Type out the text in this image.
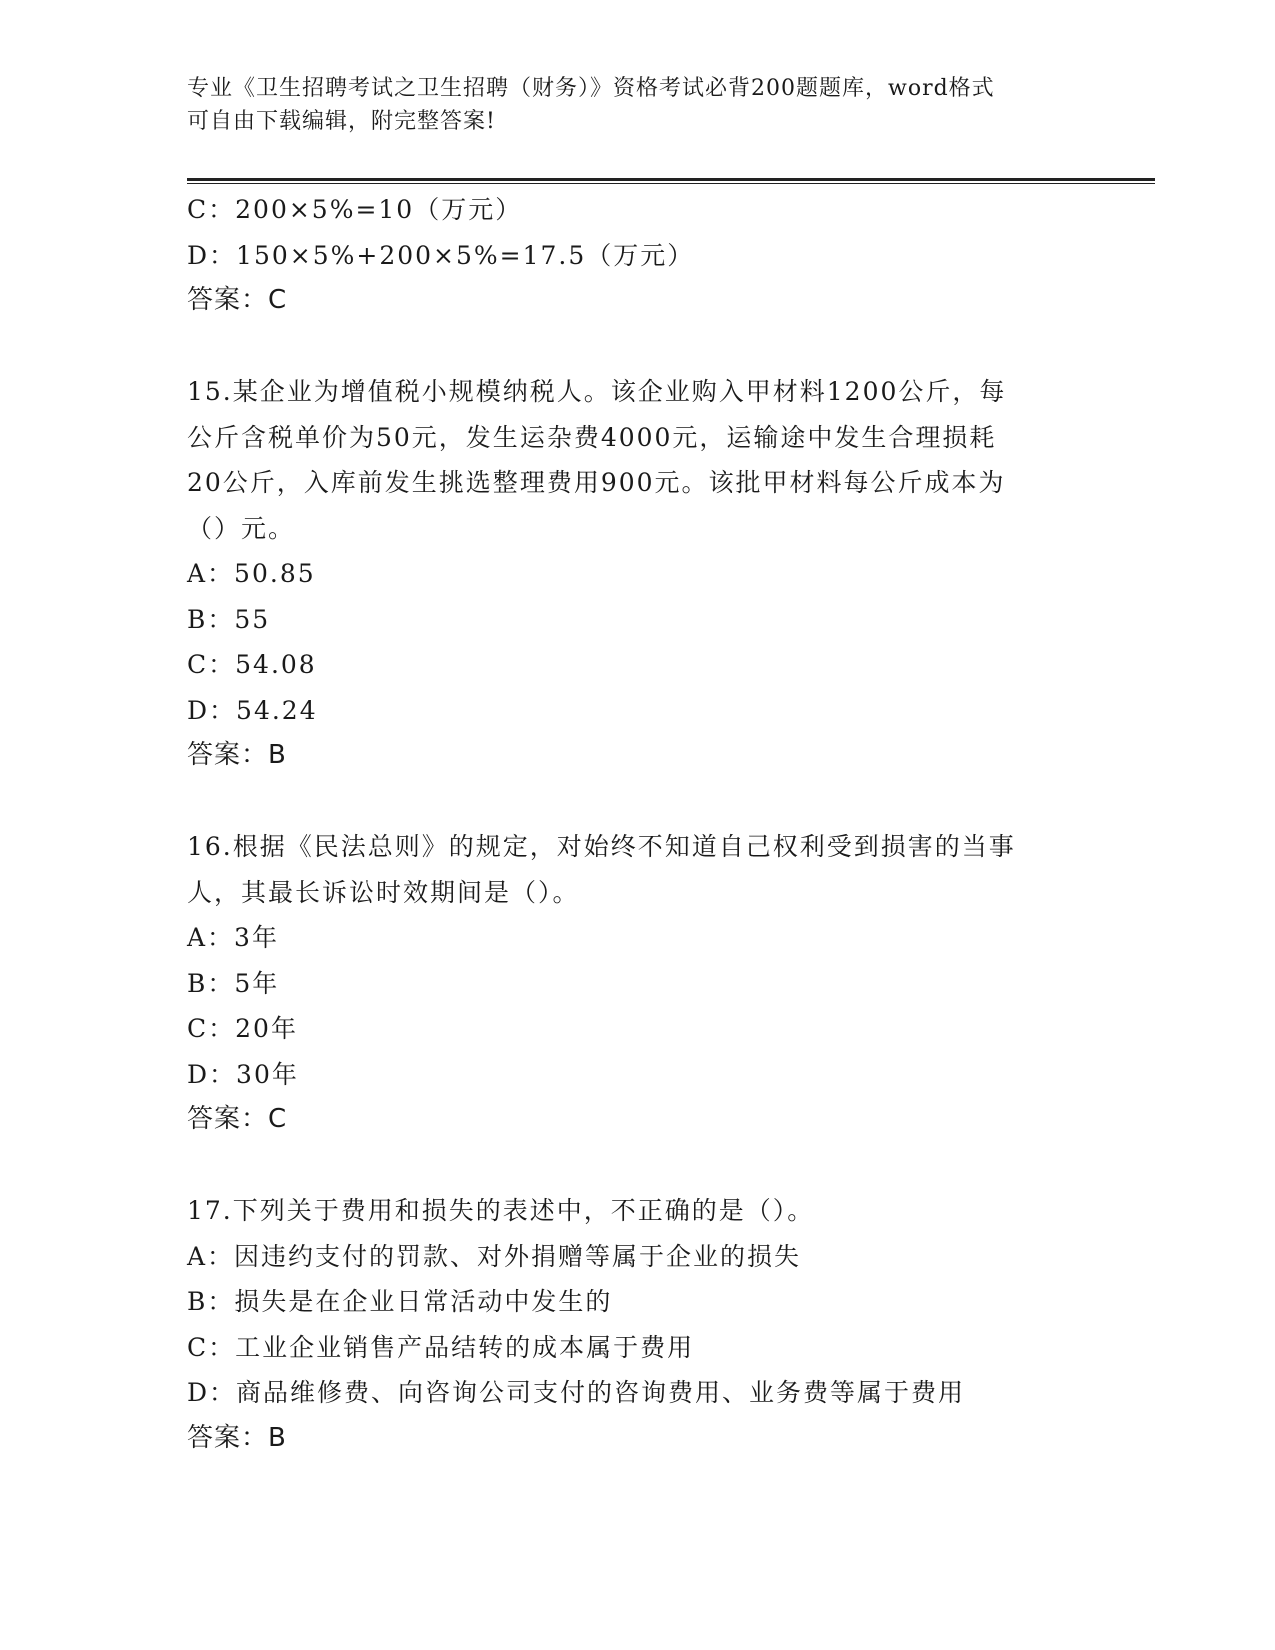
专业《卫生招聘考试之卫生招聘（财务）》资格考试必背200题题库，word格式
可自由下载编辑，附完整答案!
C：200×5%=10（万元）
D：150×5%+200×5%=17.5（万元）
答案：C
15.某企业为增值税小规模纳税人。该企业购入甲材料1200公斤，每
公斤含税单价为50元，发生运杂费4000元，运输途中发生合理损耗
20公斤，入库前发生挑选整理费用900元。该批甲材料每公斤成本为
（）元。
A：50.85
B：55
C：54.08
D：54.24
答案：B
16.根据《民法总则》的规定，对始终不知道自己权利受到损害的当事
人，其最长诉讼时效期间是（）。
A：3年
B：5年
C：20年
D：30年
答案：C
17.下列关于费用和损失的表述中，不正确的是（）。
A：因违约支付的罚款、对外捐赠等属于企业的损失
B：损失是在企业日常活动中发生的
C：工业企业销售产品结转的成本属于费用
D：商品维修费、向咨询公司支付的咨询费用、业务费等属于费用
答案：B
